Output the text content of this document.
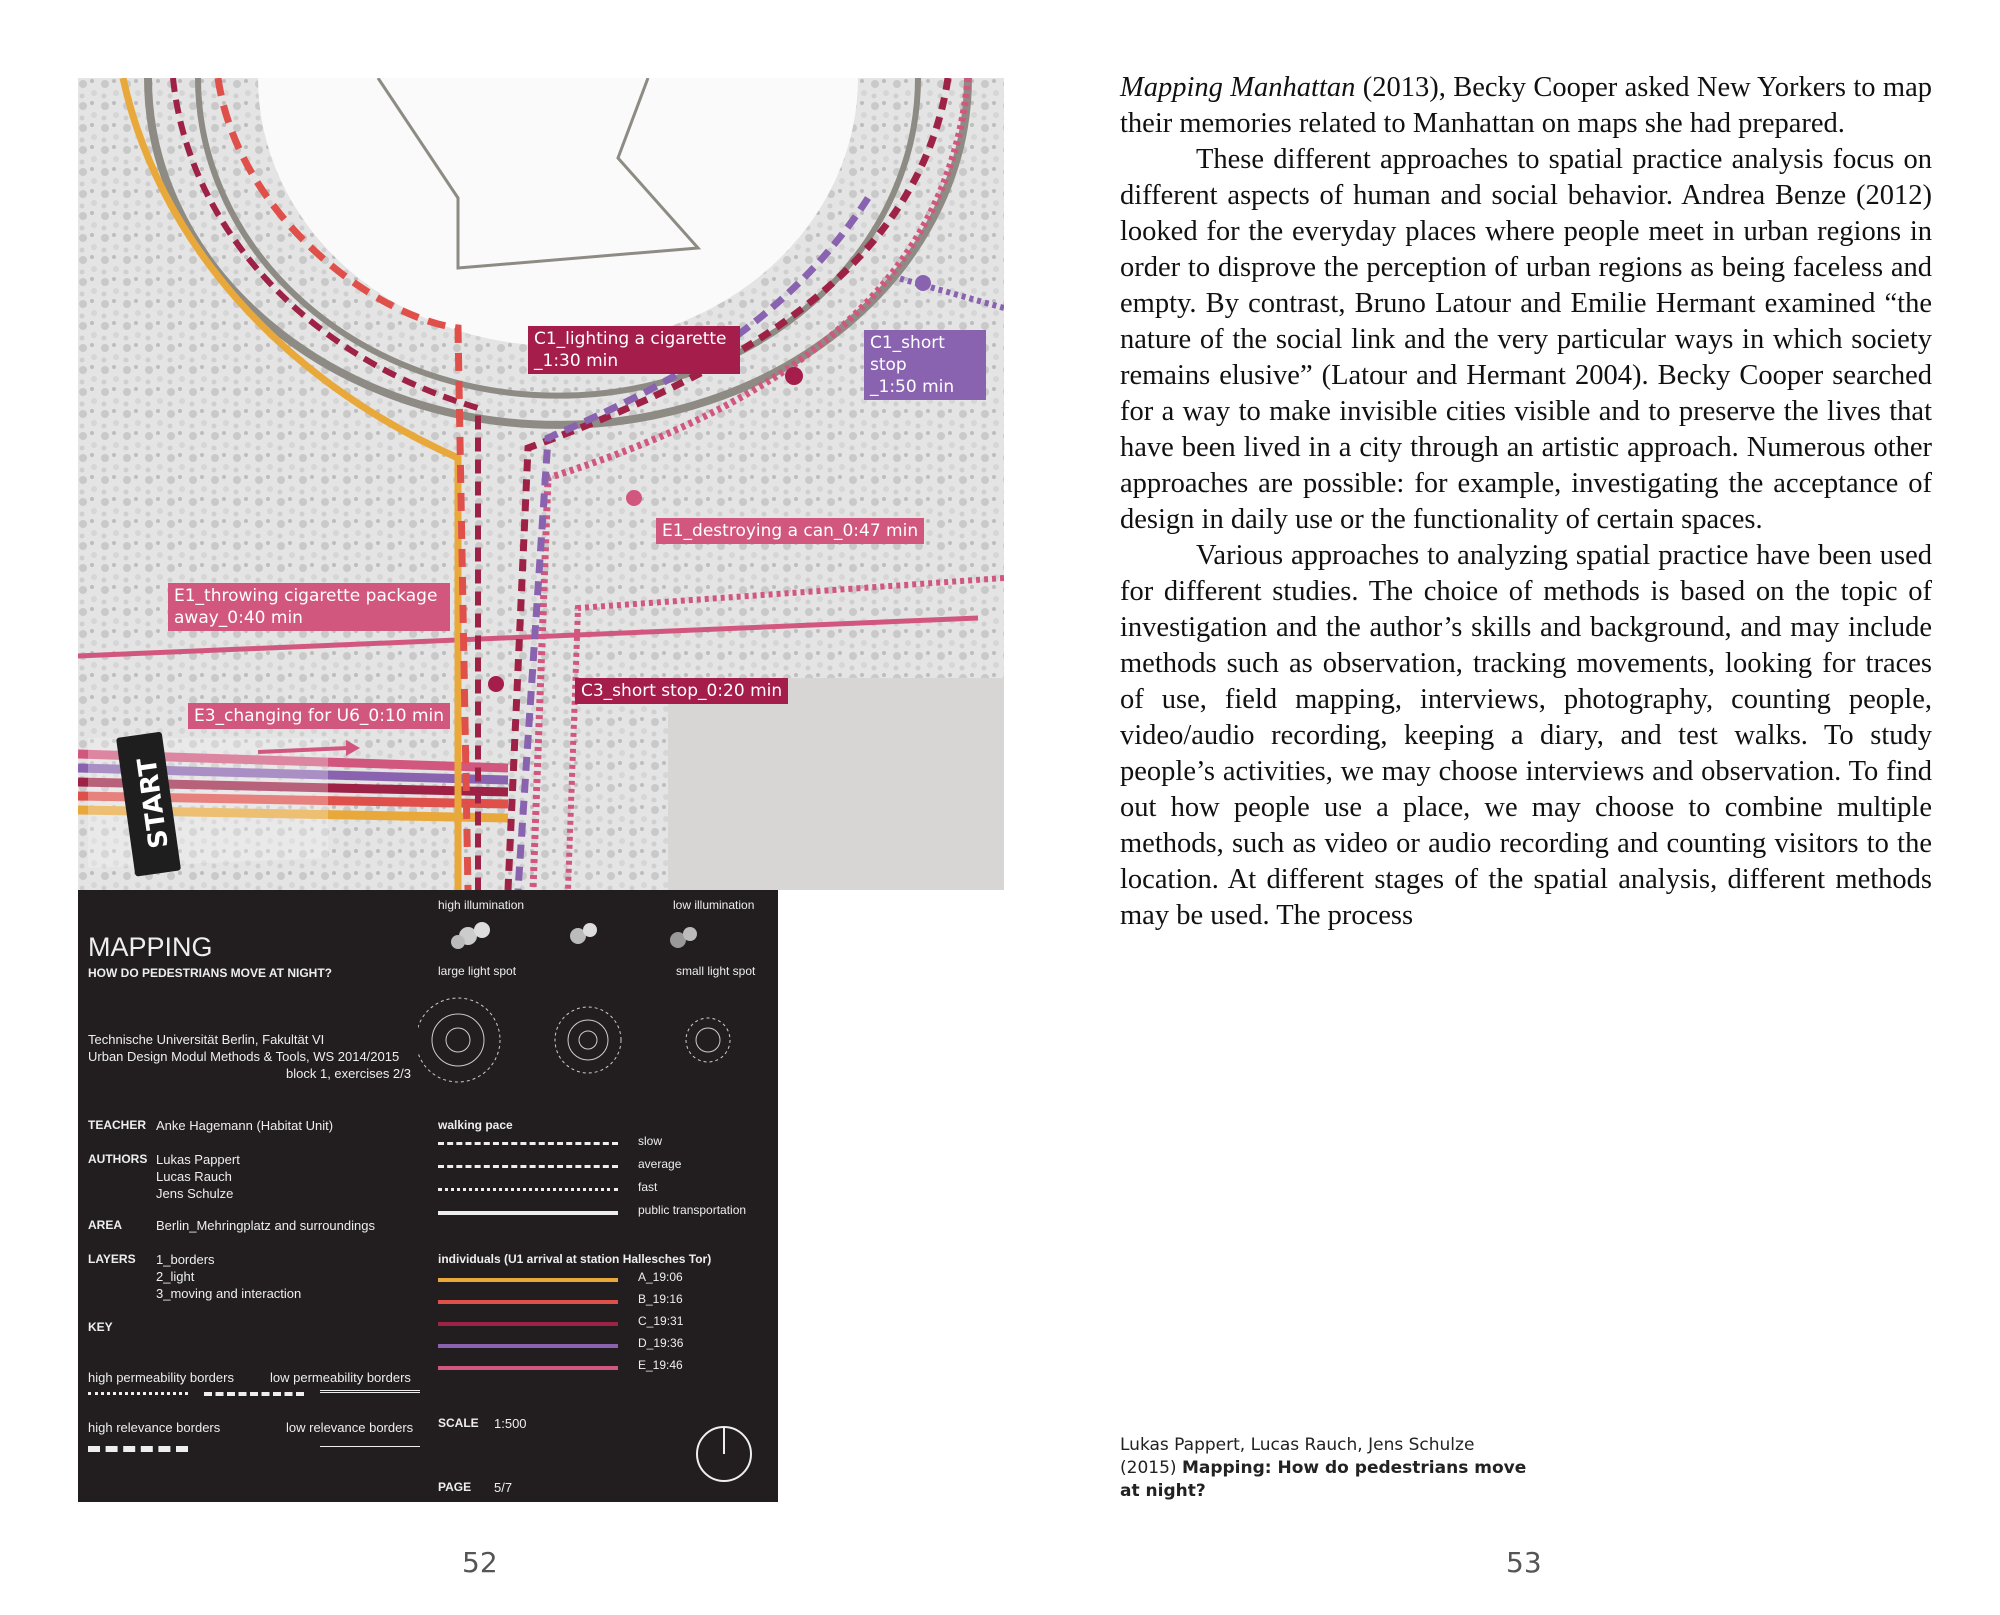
START
C1_lighting a cigarette
_1:30 min
C1_short stop
_1:50 min
E1_destroying a can_0:47 min
E1_throwing cigarette package
away_0:40 min
C3_short stop_0:20 min
E3_changing for U6_0:10 min
MAPPING
HOW DO PEDESTRIANS MOVE AT NIGHT?
Technische Universität Berlin, Fakultät VI
Urban Design Modul Methods & Tools, WS 2014/2015
block 1, exercises 2/3
TEACHER Anke Hagemann (Habitat Unit)
AUTHORS Lukas Pappert
Lucas Rauch
Jens Schulze
AREA	Berlin_Mehringplatz and surroundings
LAYERS 1_borders
2_light
3_moving and interaction
KEY
high permeability borders	low permeability borders
high relevance borders	low relevance borders
high illumination	low illumination
large light spot	small light spot
walking pace
slow
average
fast
public transportation
individuals (U1 arrival at station Hallesches Tor)
A_19:06
B_19:16
C_19:31
D_19:36
E_19:46
SCALE 1:500
PAGE 5/7
52	53

Mapping Manhattan (2013), Becky Cooper asked New Yorkers to map their memories related to Manhattan on maps she had prepared.

These different approaches to spatial practice analysis focus on different aspects of human and social behavior. Andrea Benze (2012) looked for the everyday places where people meet in urban regions in order to disprove the perception of urban regions as being faceless and empty. By contrast, Bruno Latour and Emilie Hermant examined “the nature of the social link and the very particular ways in which society remains elusive” (Latour and Hermant 2004). Becky Cooper searched for a way to make invisible cities visible and to preserve the lives that have been lived in a city through an artistic approach. Numerous other approaches are possible: for example, investigating the acceptance of design in daily use or the functionality of certain spaces.

Various approaches to analyzing spatial practice have been used for different studies. The choice of methods is based on the topic of investigation and the author’s skills and background, and may include methods such as observation, tracking movements, looking for traces of use, field mapping, interviews, photography, counting people, video/audio recording, keeping a diary, and test walks. To study people’s activities, we may choose interviews and observation. To find out how people use a place, we may choose to combine multiple methods, such as video or audio recording and counting visitors to the location. At different stages of the spatial analysis, different methods may be used. The process

Lukas Pappert, Lucas Rauch, Jens Schulze
(2015) Mapping: How do pedestrians move at night?
